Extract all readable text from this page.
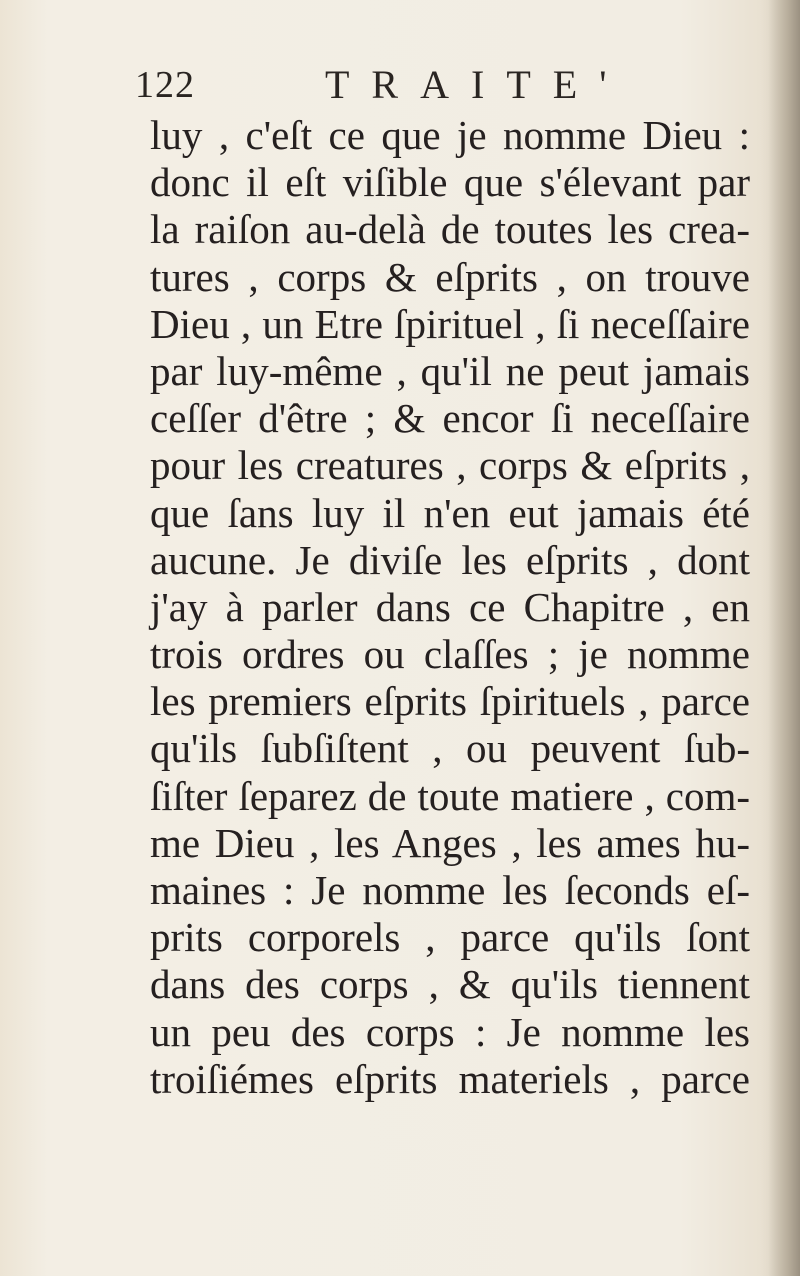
122	TRAITE'
luy , c'eſt ce que je nomme Dieu :
donc il eſt viſible que s'élevant par
la raiſon au-delà de toutes les crea-
tures , corps & eſprits , on trouve
Dieu , un Etre ſpirituel , ſi neceſſaire
par luy-même , qu'il ne peut jamais
ceſſer d'être ; & encor ſi neceſſaire
pour les creatures , corps & eſprits ,
que ſans luy il n'en eut jamais été
aucune. Je diviſe les eſprits , dont
j'ay à parler dans ce Chapitre , en
trois ordres ou claſſes ; je nomme
les premiers eſprits ſpirituels , parce
qu'ils ſubſiſtent , ou peuvent ſub-
ſiſter ſeparez de toute matiere , com-
me Dieu , les Anges , les ames hu-
maines : Je nomme les ſeconds eſ-
prits corporels , parce qu'ils ſont
dans des corps , & qu'ils tiennent
un peu des corps : Je nomme les
troiſiémes eſprits materiels , parce
